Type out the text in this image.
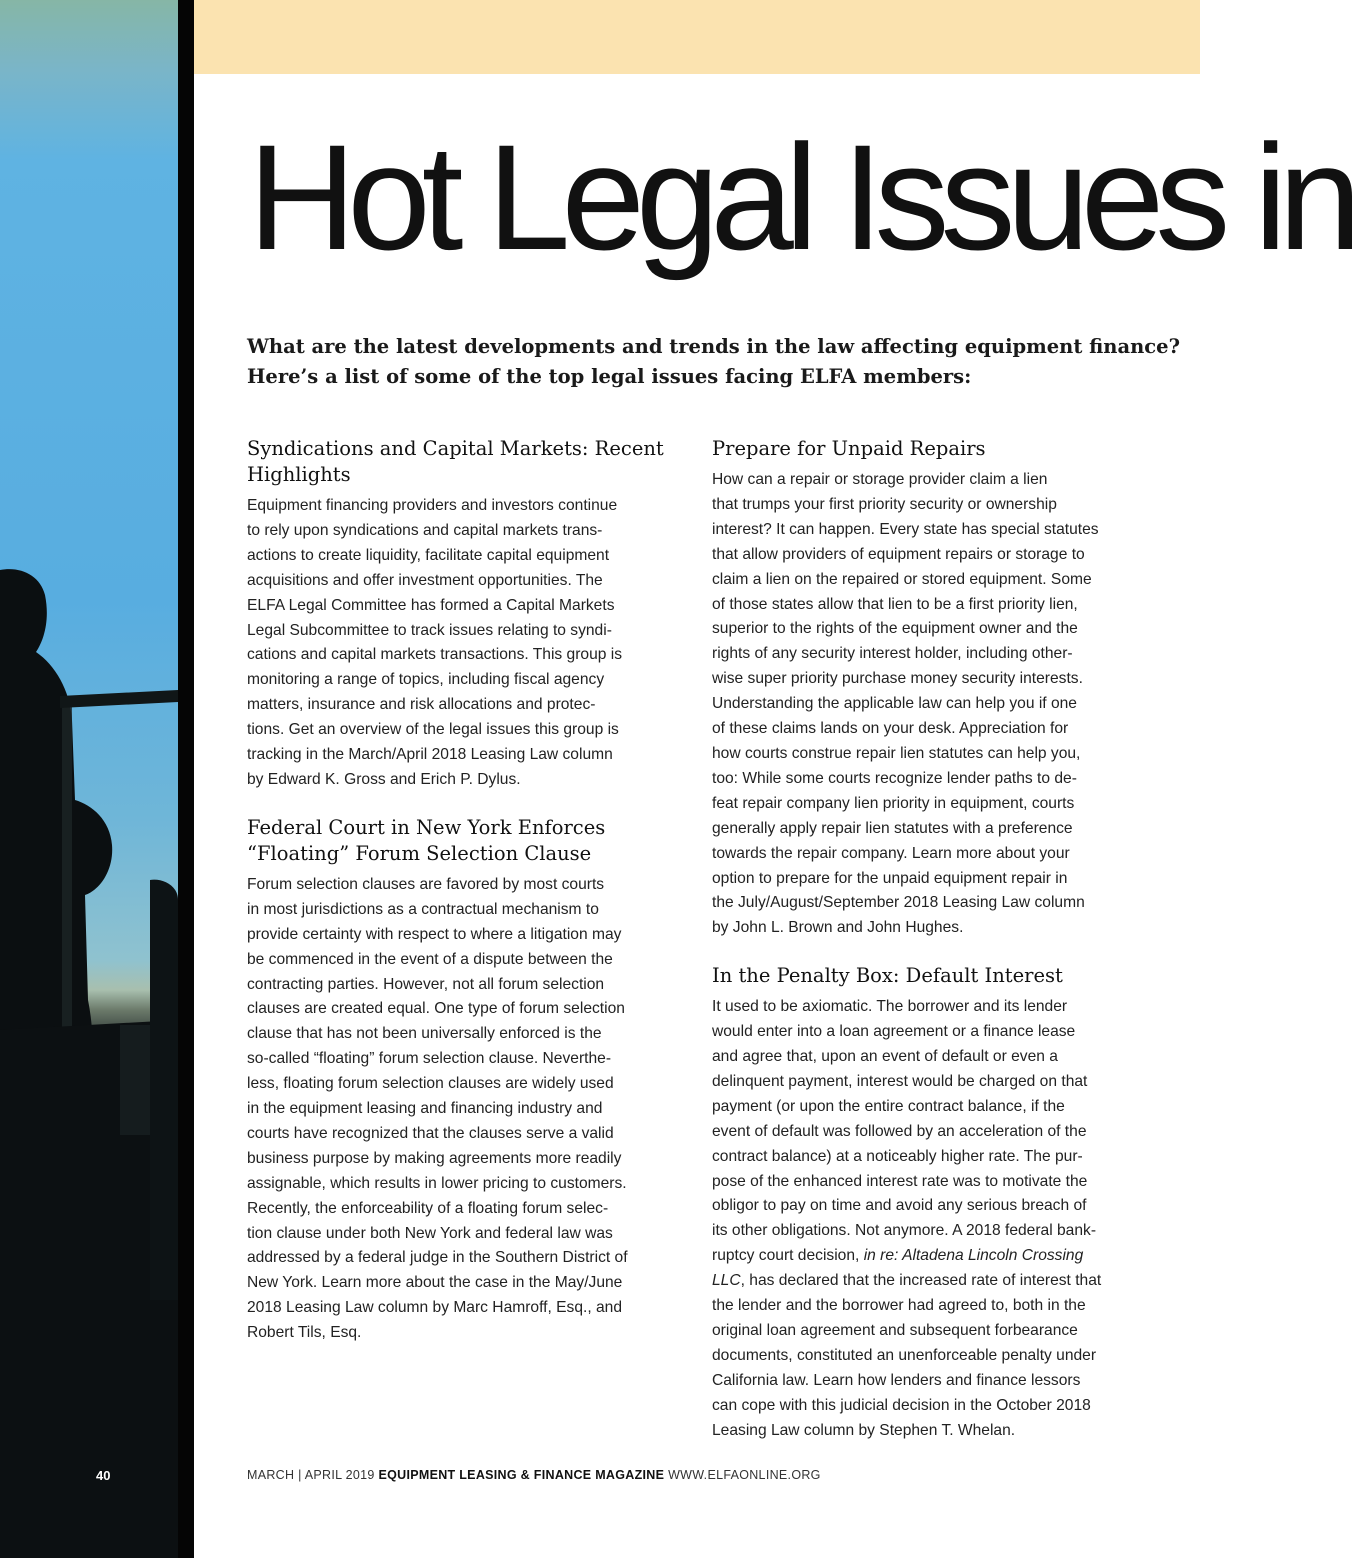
Hot Legal Issues in

What are the latest developments and trends in the law affecting equipment finance?
Here’s a list of some of the top legal issues facing ELFA members:

Syndications and Capital Markets: Recent
Highlights

Equipment financing providers and investors continue
to rely upon syndications and capital markets trans-
actions to create liquidity, facilitate capital equipment
acquisitions and offer investment opportunities. The
ELFA Legal Committee has formed a Capital Markets
Legal Subcommittee to track issues relating to syndi-
cations and capital markets transactions. This group is
monitoring a range of topics, including fiscal agency
matters, insurance and risk allocations and protec-
tions. Get an overview of the legal issues this group is
tracking in the March/April 2018 Leasing Law column
by Edward K. Gross and Erich P. Dylus.

Federal Court in New York Enforces
“Floating” Forum Selection Clause

Forum selection clauses are favored by most courts
in most jurisdictions as a contractual mechanism to
provide certainty with respect to where a litigation may
be commenced in the event of a dispute between the
contracting parties. However, not all forum selection
clauses are created equal. One type of forum selection
clause that has not been universally enforced is the
so-called “floating” forum selection clause. Neverthe-
less, floating forum selection clauses are widely used
in the equipment leasing and financing industry and
courts have recognized that the clauses serve a valid
business purpose by making agreements more readily
assignable, which results in lower pricing to customers.
Recently, the enforceability of a floating forum selec-
tion clause under both New York and federal law was
addressed by a federal judge in the Southern District of
New York. Learn more about the case in the May/June
2018 Leasing Law column by Marc Hamroff, Esq., and
Robert Tils, Esq.

Prepare for Unpaid Repairs

How can a repair or storage provider claim a lien
that trumps your first priority security or ownership
interest? It can happen. Every state has special statutes
that allow providers of equipment repairs or storage to
claim a lien on the repaired or stored equipment. Some
of those states allow that lien to be a first priority lien,
superior to the rights of the equipment owner and the
rights of any security interest holder, including other-
wise super priority purchase money security interests.
Understanding the applicable law can help you if one
of these claims lands on your desk. Appreciation for
how courts construe repair lien statutes can help you,
too: While some courts recognize lender paths to de-
feat repair company lien priority in equipment, courts
generally apply repair lien statutes with a preference
towards the repair company. Learn more about your
option to prepare for the unpaid equipment repair in
the July/August/September 2018 Leasing Law column
by John L. Brown and John Hughes.

In the Penalty Box: Default Interest

It used to be axiomatic. The borrower and its lender
would enter into a loan agreement or a finance lease
and agree that, upon an event of default or even a
delinquent payment, interest would be charged on that
payment (or upon the entire contract balance, if the
event of default was followed by an acceleration of the
contract balance) at a noticeably higher rate. The pur-
pose of the enhanced interest rate was to motivate the
obligor to pay on time and avoid any serious breach of
its other obligations. Not anymore. A 2018 federal bank-
ruptcy court decision, in re: Altadena Lincoln Crossing
LLC, has declared that the increased rate of interest that
the lender and the borrower had agreed to, both in the
original loan agreement and subsequent forbearance
documents, constituted an unenforceable penalty under
California law. Learn how lenders and finance lessors
can cope with this judicial decision in the October 2018
Leasing Law column by Stephen T. Whelan.

40	MARCH | APRIL 2019 EQUIPMENT LEASING & FINANCE MAGAZINE WWW.ELFAONLINE.ORG
